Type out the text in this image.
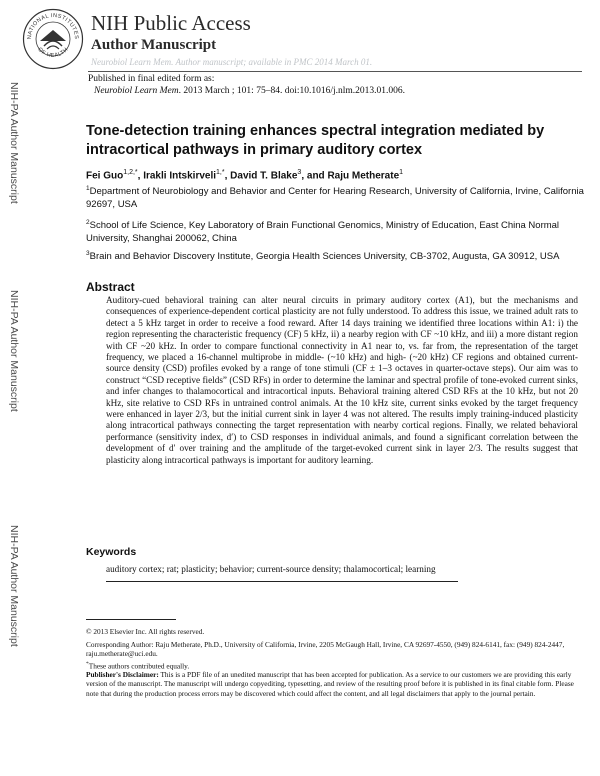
NATIONAL INSTITUTES
OF HEALTH
NIH Public Access
Author Manuscript
Neurobiol Learn Mem. Author manuscript; available in PMC 2014 March 01.
Published in final edited form as:
Neurobiol Learn Mem. 2013 March ; 101: 75–84. doi:10.1016/j.nlm.2013.01.006.
NIH-PA Author Manuscript
NIH-PA Author Manuscript
NIH-PA Author Manuscript
Tone-detection training enhances spectral integration mediated by intracortical pathways in primary auditory cortex
Fei Guo$^{1,2,*}$, Irakli Intskirveli$^{1,*}$, David T. Blake$^3$, and Raju Metherate$^1$
$^1$Department of Neurobiology and Behavior and Center for Hearing Research, University of California, Irvine, California 92697, USA
$^2$School of Life Science, Key Laboratory of Brain Functional Genomics, Ministry of Education, East China Normal University, Shanghai 200062, China
$^3$Brain and Behavior Discovery Institute, Georgia Health Sciences University, CB-3702, Augusta, GA 30912, USA
Abstract
Auditory-cued behavioral training can alter neural circuits in primary auditory cortex (A1), but the mechanisms and consequences of experience-dependent cortical plasticity are not fully understood. To address this issue, we trained adult rats to detect a 5 kHz target in order to receive a food reward. After 14 days training we identified three locations within A1: i) the region representing the characteristic frequency (CF) 5 kHz, ii) a nearby region with CF ~10 kHz, and iii) a more distant region with CF ~20 kHz. In order to compare functional connectivity in A1 near to, vs. far from, the representation of the target frequency, we placed a 16-channel multiprobe in middle- (~10 kHz) and high- (~20 kHz) CF regions and obtained current-source density (CSD) profiles evoked by a range of tone stimuli (CF ± 1–3 octaves in quarter-octave steps). Our aim was to construct “CSD receptive fields” (CSD RFs) in order to determine the laminar and spectral profile of tone-evoked current sinks, and infer changes to thalamocortical and intracortical inputs. Behavioral training altered CSD RFs at the 10 kHz, but not 20 kHz, site relative to CSD RFs in untrained control animals. At the 10 kHz site, current sinks evoked by the target frequency were enhanced in layer 2/3, but the initial current sink in layer 4 was not altered. The results imply training-induced plasticity along intracortical pathways connecting the target representation with nearby cortical regions. Finally, we related behavioral performance (sensitivity index, d′) to CSD responses in individual animals, and found a significant correlation between the development of d′ over training and the amplitude of the target-evoked current sink in layer 2/3. The results suggest that plasticity along intracortical pathways is important for auditory learning.
Keywords
auditory cortex; rat; plasticity; behavior; current-source density; thalamocortical; learning
© 2013 Elsevier Inc. All rights reserved.
Corresponding Author: Raju Metherate, Ph.D., University of California, Irvine, 2205 McGaugh Hall, Irvine, CA 92697-4550, (949) 824-6141, fax: (949) 824-2447, raju.metherate@uci.edu.
*These authors contributed equally.
Publisher's Disclaimer: This is a PDF file of an unedited manuscript that has been accepted for publication. As a service to our customers we are providing this early version of the manuscript. The manuscript will undergo copyediting, typesetting, and review of the resulting proof before it is published in its final citable form. Please note that during the production process errors may be discovered which could affect the content, and all legal disclaimers that apply to the journal pertain.
